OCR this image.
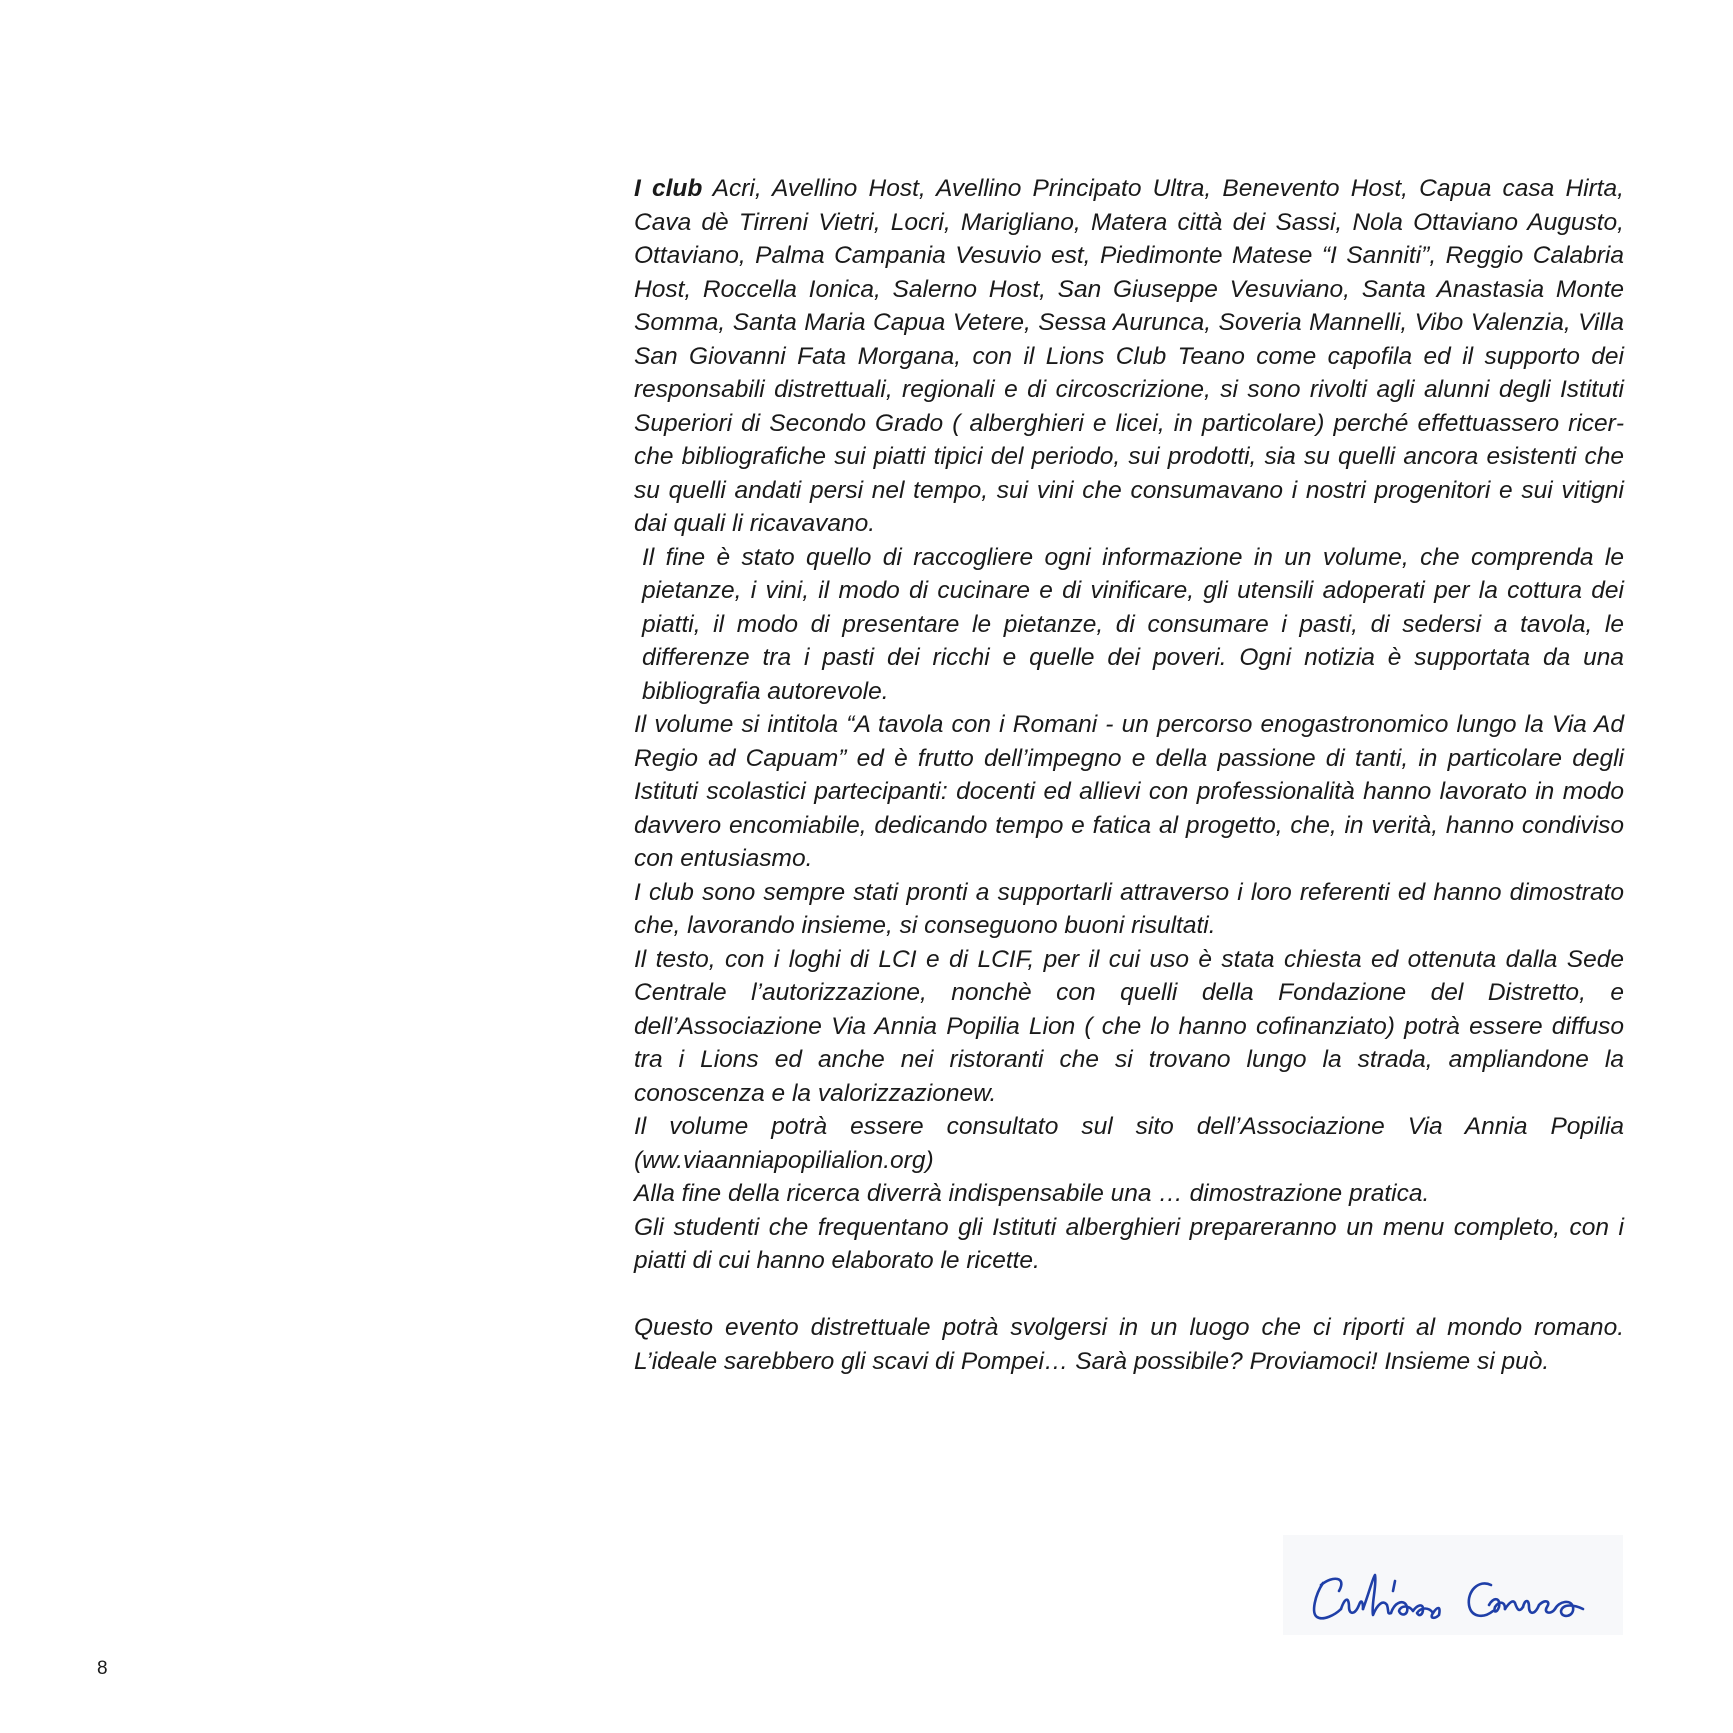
I club Acri, Avellino Host, Avellino Principato Ultra, Benevento Host, Capua casa Hirta, Cava dè Tirreni Vietri, Locri, Marigliano, Matera città dei Sassi, Nola Ottaviano Augusto, Ottaviano, Palma Campania Vesuvio est, Piedimonte Matese “I Sanniti”, Reggio Calabria Host, Roccella Ionica, Salerno Host, San Giuseppe Vesuviano, Santa Anastasia Monte Somma, Santa Maria Capua Vetere, Sessa Aurunca, Soveria Mannelli, Vibo Valenzia, Villa San Giovanni Fata Morgana, con il Lions Club Teano come capofila ed il supporto dei responsabili distrettuali, regionali e di circoscrizione, si sono rivolti agli alunni degli Istituti Superiori di Secondo Grado ( alberghieri e licei, in particolare) perché effettuassero ricerche bibliografiche sui piatti tipici del periodo, sui prodotti, sia su quelli ancora esistenti che su quelli andati persi nel tempo, sui vini che consumavano i nostri progenitori e sui vitigni dai quali li ricavavano.

Il fine è stato quello di raccogliere ogni informazione in un volume, che comprenda le pietanze, i vini, il modo di cucinare e di vinificare, gli utensili adoperati per la cottura dei piatti, il modo di presentare le pietanze, di consumare i pasti, di sedersi a tavola, le differenze tra i pasti dei ricchi e quelle dei poveri. Ogni notizia è supportata da una bibliografia autorevole.

Il volume si intitola “A tavola con i Romani - un percorso enogastronomico lungo la Via Ad Regio ad Capuam” ed è frutto dell’impegno e della passione di tanti, in particolare degli Istituti scolastici partecipanti: docenti ed allievi con professionalità hanno lavorato in modo davvero encomiabile, dedicando tempo e fatica al progetto, che, in verità, hanno condiviso con entusiasmo.

I club sono sempre stati pronti a supportarli attraverso i loro referenti ed hanno dimostrato che, lavorando insieme, si conseguono buoni risultati.

Il testo, con i loghi di LCI e di LCIF, per il cui uso è stata chiesta ed ottenuta dalla Sede Centrale l’autorizzazione, nonchè con quelli della Fondazione del Distretto, e dell’Associazione Via Annia Popilia Lion ( che lo hanno cofinanziato) potrà essere diffuso tra i Lions ed anche nei ristoranti che si trovano lungo la strada, ampliandone la conoscenza e la valorizzazionew.

Il volume potrà essere consultato sul sito dell’Associazione Via Annia Popilia (ww.viaanniapopilialion.org)

Alla fine della ricerca diverrà indispensabile una … dimostrazione pratica.

Gli studenti che frequentano gli Istituti alberghieri prepareranno un menu completo, con i piatti di cui hanno elaborato le ricette.

Questo evento distrettuale potrà svolgersi in un luogo che ci riporti al mondo romano. L’ideale sarebbero gli scavi di Pompei… Sarà possibile? Proviamoci! Insieme si può.

8
